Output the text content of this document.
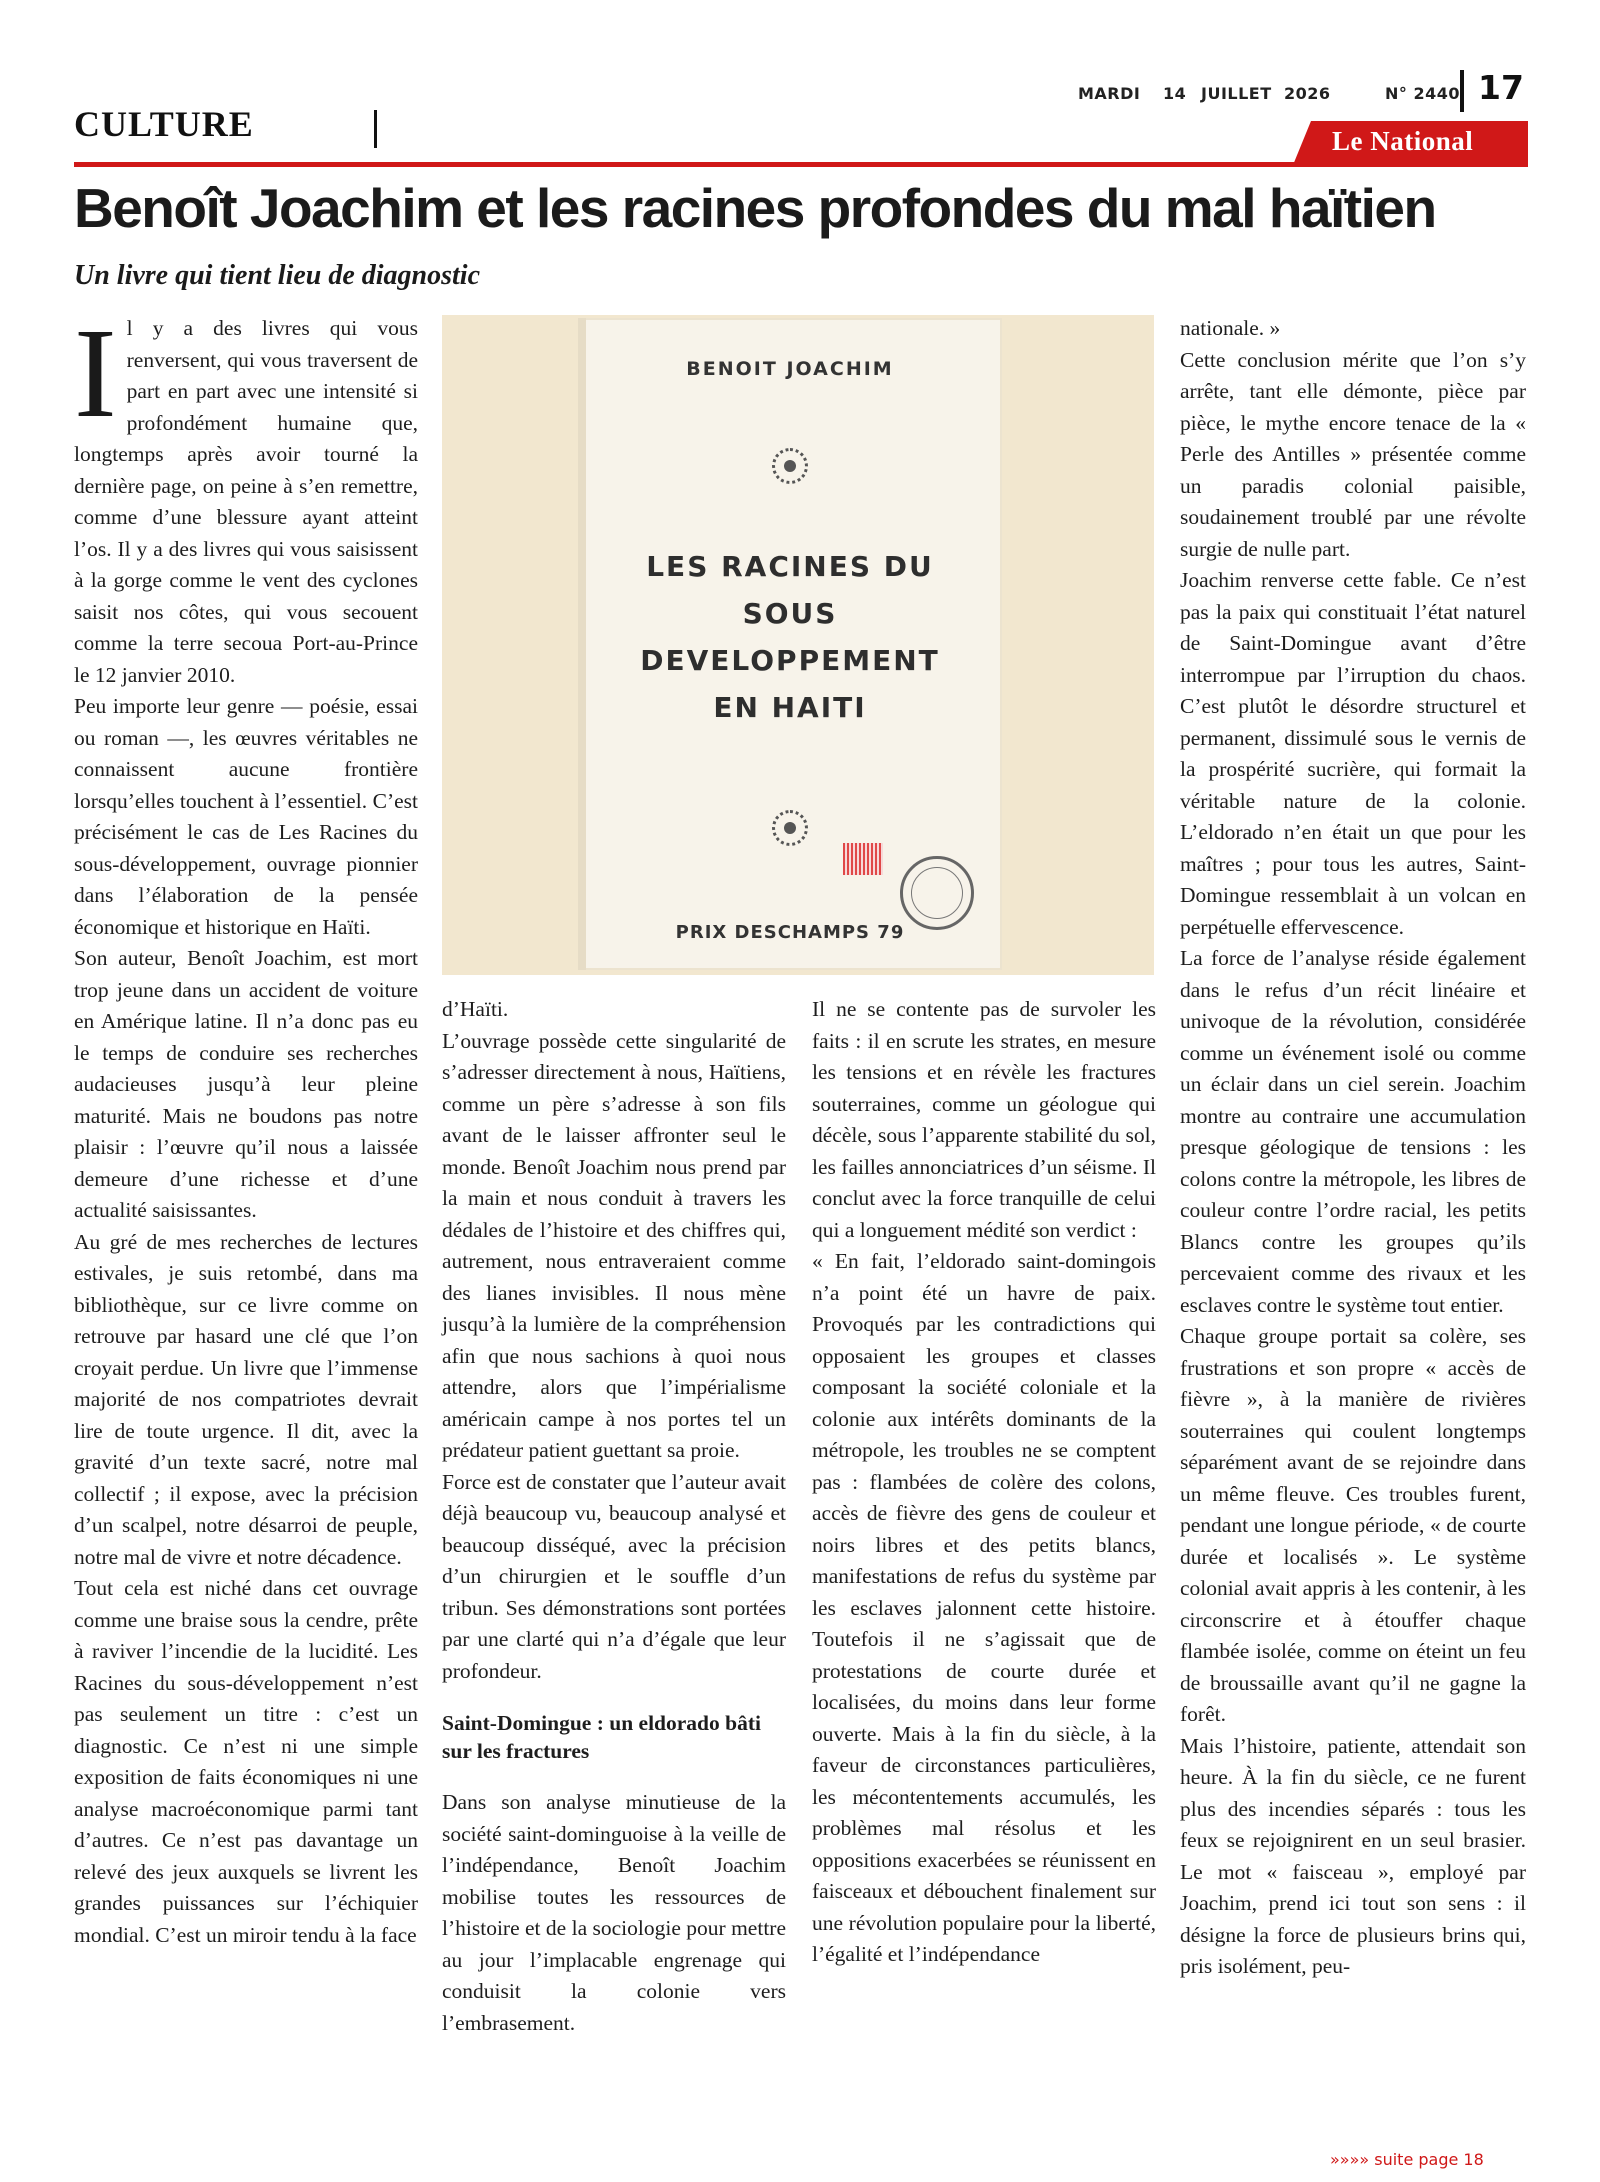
CULTURE
MARDI 14 JUILLET 2026	N° 2440 17
Le National
Benoît Joachim et les racines profondes du mal haïtien
Un livre qui tient lieu de diagnostic
BENOIT JOACHIM
LES RACINES DU
SOUS
DEVELOPPEMENT
EN HAITI
PRIX DESCHAMPS 79

Il y a des livres qui vous renversent, qui vous traversent de part en part avec une intensité si profondément humaine que, longtemps après avoir tourné la dernière page, on peine à s’en remettre, comme d’une blessure ayant atteint l’os. Il y a des livres qui vous saisissent à la gorge comme le vent des cyclones saisit nos côtes, qui vous secouent comme la terre secoua Port-au-Prince le 12 janvier 2010.

Peu importe leur genre — poésie, essai ou roman —, les œuvres véritables ne connaissent aucune frontière lorsqu’elles touchent à l’essentiel. C’est précisément le cas de Les Racines du sous-développement, ouvrage pionnier dans l’élaboration de la pensée économique et historique en Haïti.

Son auteur, Benoît Joachim, est mort trop jeune dans un accident de voiture en Amérique latine. Il n’a donc pas eu le temps de conduire ses recherches audacieuses jusqu’à leur pleine maturité. Mais ne boudons pas notre plaisir : l’œuvre qu’il nous a laissée demeure d’une richesse et d’une actualité saisissantes.

Au gré de mes recherches de lectures estivales, je suis retombé, dans ma bibliothèque, sur ce livre comme on retrouve par hasard une clé que l’on croyait perdue. Un livre que l’immense majorité de nos compatriotes devrait lire de toute urgence. Il dit, avec la gravité d’un texte sacré, notre mal collectif ; il expose, avec la précision d’un scalpel, notre désarroi de peuple, notre mal de vivre et notre décadence.

Tout cela est niché dans cet ouvrage comme une braise sous la cendre, prête à raviver l’incendie de la lucidité. Les Racines du sous-développement n’est pas seulement un titre : c’est un diagnostic. Ce n’est ni une simple exposition de faits économiques ni une analyse macroéconomique parmi tant d’autres. Ce n’est pas davantage un relevé des jeux auxquels se livrent les grandes puissances sur l’échiquier mondial. C’est un miroir tendu à la face

d’Haïti.

L’ouvrage possède cette singularité de s’adresser directement à nous, Haïtiens, comme un père s’adresse à son fils avant de le laisser affronter seul le monde. Benoît Joachim nous prend par la main et nous conduit à travers les dédales de l’histoire et des chiffres qui, autrement, nous entraveraient comme des lianes invisibles. Il nous mène jusqu’à la lumière de la compréhension afin que nous sachions à quoi nous attendre, alors que l’impérialisme américain campe à nos portes tel un prédateur patient guettant sa proie.

Force est de constater que l’auteur avait déjà beaucoup vu, beaucoup analysé et beaucoup disséqué, avec la précision d’un chirurgien et le souffle d’un tribun. Ses démonstrations sont portées par une clarté qui n’a d’égale que leur profondeur.

Saint-Domingue : un eldorado bâti sur les fractures

Dans son analyse minutieuse de la société saint-dominguoise à la veille de l’indépendance, Benoît Joachim mobilise toutes les ressources de l’histoire et de la sociologie pour mettre au jour l’implacable engrenage qui conduisit la colonie vers l’embrasement.

Il ne se contente pas de survoler les faits : il en scrute les strates, en mesure les tensions et en révèle les fractures souterraines, comme un géologue qui décèle, sous l’apparente stabilité du sol, les failles annonciatrices d’un séisme. Il conclut avec la force tranquille de celui qui a longuement médité son verdict :

« En fait, l’eldorado saint-domingois n’a point été un havre de paix. Provoqués par les contradictions qui opposaient les groupes et classes composant la société coloniale et la colonie aux intérêts dominants de la métropole, les troubles ne se comptent pas : flambées de colère des colons, accès de fièvre des gens de couleur et noirs libres et des petits blancs, manifestations de refus du système par les esclaves jalonnent cette histoire. Toutefois il ne s’agissait que de protestations de courte durée et localisées, du moins dans leur forme ouverte. Mais à la fin du siècle, à la faveur de circonstances particulières, les mécontentements accumulés, les problèmes mal résolus et les oppositions exacerbées se réunissent en faisceaux et débouchent finalement sur une révolution populaire pour la liberté, l’égalité et l’indépendance

nationale. »

Cette conclusion mérite que l’on s’y arrête, tant elle démonte, pièce par pièce, le mythe encore tenace de la « Perle des Antilles » présentée comme un paradis colonial paisible, soudainement troublé par une révolte surgie de nulle part.

Joachim renverse cette fable. Ce n’est pas la paix qui constituait l’état naturel de Saint-Domingue avant d’être interrompue par l’irruption du chaos. C’est plutôt le désordre structurel et permanent, dissimulé sous le vernis de la prospérité sucrière, qui formait la véritable nature de la colonie. L’eldorado n’en était un que pour les maîtres ; pour tous les autres, Saint-Domingue ressemblait à un volcan en perpétuelle effervescence.

La force de l’analyse réside également dans le refus d’un récit linéaire et univoque de la révolution, considérée comme un événement isolé ou comme un éclair dans un ciel serein. Joachim montre au contraire une accumulation presque géologique de tensions : les colons contre la métropole, les libres de couleur contre l’ordre racial, les petits Blancs contre les groupes qu’ils percevaient comme des rivaux et les esclaves contre le système tout entier.

Chaque groupe portait sa colère, ses frustrations et son propre « accès de fièvre », à la manière de rivières souterraines qui coulent longtemps séparément avant de se rejoindre dans un même fleuve. Ces troubles furent, pendant une longue période, « de courte durée et localisés ». Le système colonial avait appris à les contenir, à les circonscrire et à étouffer chaque flambée isolée, comme on éteint un feu de broussaille avant qu’il ne gagne la forêt.

Mais l’histoire, patiente, attendait son heure. À la fin du siècle, ce ne furent plus des incendies séparés : tous les feux se rejoignirent en un seul brasier. Le mot « faisceau », employé par Joachim, prend ici tout son sens : il désigne la force de plusieurs brins qui, pris isolément, peu-

»»»» suite page 18
